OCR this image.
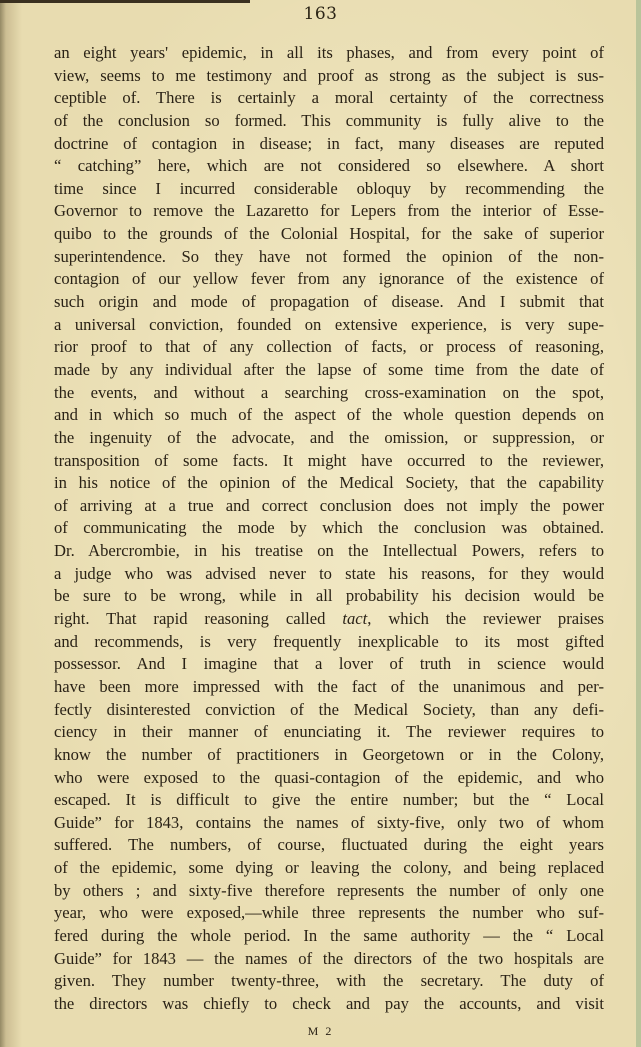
163
an eight years' epidemic, in all its phases, and from every point of
view, seems to me testimony and proof as strong as the subject is sus-
ceptible of. There is certainly a moral certainty of the correctness
of the conclusion so formed. This community is fully alive to the
doctrine of contagion in disease; in fact, many diseases are reputed
“ catching” here, which are not considered so elsewhere. A short
time since I incurred considerable obloquy by recommending the
Governor to remove the Lazaretto for Lepers from the interior of Esse-
quibo to the grounds of the Colonial Hospital, for the sake of superior
superintendence. So they have not formed the opinion of the non-
contagion of our yellow fever from any ignorance of the existence of
such origin and mode of propagation of disease. And I submit that
a universal conviction, founded on extensive experience, is very supe-
rior proof to that of any collection of facts, or process of reasoning,
made by any individual after the lapse of some time from the date of
the events, and without a searching cross-examination on the spot,
and in which so much of the aspect of the whole question depends on
the ingenuity of the advocate, and the omission, or suppression, or
transposition of some facts. It might have occurred to the reviewer,
in his notice of the opinion of the Medical Society, that the capability
of arriving at a true and correct conclusion does not imply the power
of communicating the mode by which the conclusion was obtained.
Dr. Abercrombie, in his treatise on the Intellectual Powers, refers to
a judge who was advised never to state his reasons, for they would
be sure to be wrong, while in all probability his decision would be
right. That rapid reasoning called tact, which the reviewer praises
and recommends, is very frequently inexplicable to its most gifted
possessor. And I imagine that a lover of truth in science would
have been more impressed with the fact of the unanimous and per-
fectly disinterested conviction of the Medical Society, than any defi-
ciency in their manner of enunciating it. The reviewer requires to
know the number of practitioners in Georgetown or in the Colony,
who were exposed to the quasi-contagion of the epidemic, and who
escaped. It is difficult to give the entire number; but the “ Local
Guide” for 1843, contains the names of sixty-five, only two of whom
suffered. The numbers, of course, fluctuated during the eight years
of the epidemic, some dying or leaving the colony, and being replaced
by others ; and sixty-five therefore represents the number of only one
year, who were exposed,—while three represents the number who suf-
fered during the whole period. In the same authority — the “ Local
Guide” for 1843 — the names of the directors of the two hospitals are
given. They number twenty-three, with the secretary. The duty of
the directors was chiefly to check and pay the accounts, and visit
M 2
